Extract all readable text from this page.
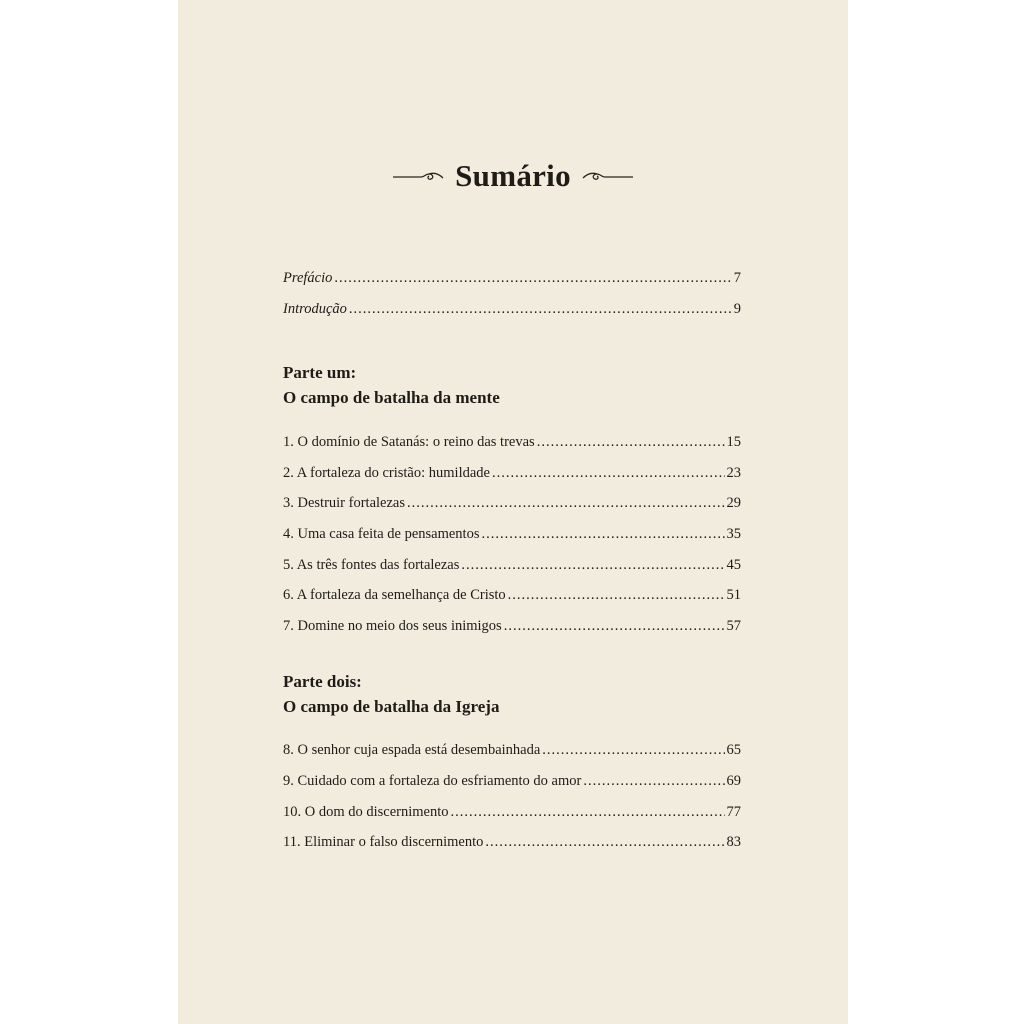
Sumário
Prefácio .....	7
Introdução .....	9
Parte um:
O campo de batalha da mente
1. O domínio de Satanás: o reino das trevas .....	15
2. A fortaleza do cristão: humildade .....	23
3. Destruir fortalezas .....	29
4. Uma casa feita de pensamentos .....	35
5. As três fontes das fortalezas .....	45
6. A fortaleza da semelhança de Cristo .....	51
7. Domine no meio dos seus inimigos .....	57
Parte dois:
O campo de batalha da Igreja
8. O senhor cuja espada está desembainhada .....	65
9. Cuidado com a fortaleza do esfriamento do amor .....	69
10. O dom do discernimento .....	77
11. Eliminar o falso discernimento .....	83
